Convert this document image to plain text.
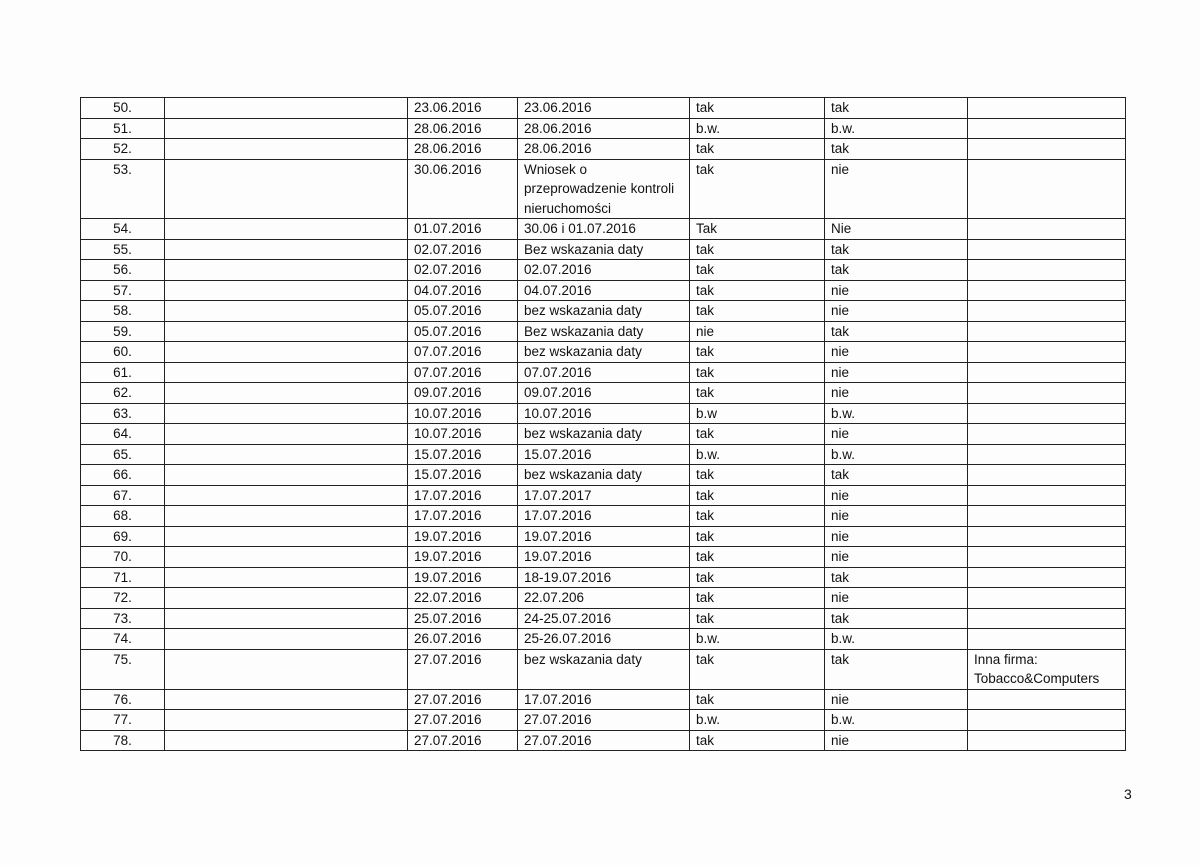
50.		23.06.2016	23.06.2016	tak	tak	
51.		28.06.2016	28.06.2016	b.w.	b.w.	
52.		28.06.2016	28.06.2016	tak	tak	
53.		30.06.2016	Wniosek o przeprowadzenie kontroli nieruchomości	tak	nie	
54.		01.07.2016	30.06 i 01.07.2016	Tak	Nie	
55.		02.07.2016	Bez wskazania daty	tak	tak	
56.		02.07.2016	02.07.2016	tak	tak	
57.		04.07.2016	04.07.2016	tak	nie	
58.		05.07.2016	bez wskazania daty	tak	nie	
59.		05.07.2016	Bez wskazania daty	nie	tak	
60.		07.07.2016	bez wskazania daty	tak	nie	
61.		07.07.2016	07.07.2016	tak	nie	
62.		09.07.2016	09.07.2016	tak	nie	
63.		10.07.2016	10.07.2016	b.w	b.w.	
64.		10.07.2016	bez wskazania daty	tak	nie	
65.		15.07.2016	15.07.2016	b.w.	b.w.	
66.		15.07.2016	bez wskazania daty	tak	tak	
67.		17.07.2016	17.07.2017	tak	nie	
68.		17.07.2016	17.07.2016	tak	nie	
69.		19.07.2016	19.07.2016	tak	nie	
70.		19.07.2016	19.07.2016	tak	nie	
71.		19.07.2016	18-19.07.2016	tak	tak	
72.		22.07.2016	22.07.206	tak	nie	
73.		25.07.2016	24-25.07.2016	tak	tak	
74.		26.07.2016	25-26.07.2016	b.w.	b.w.	
75.		27.07.2016	bez wskazania daty	tak	tak	Inna firma: Tobacco&Computers
76.		27.07.2016	17.07.2016	tak	nie	
77.		27.07.2016	27.07.2016	b.w.	b.w.	
78.		27.07.2016	27.07.2016	tak	nie	
3
